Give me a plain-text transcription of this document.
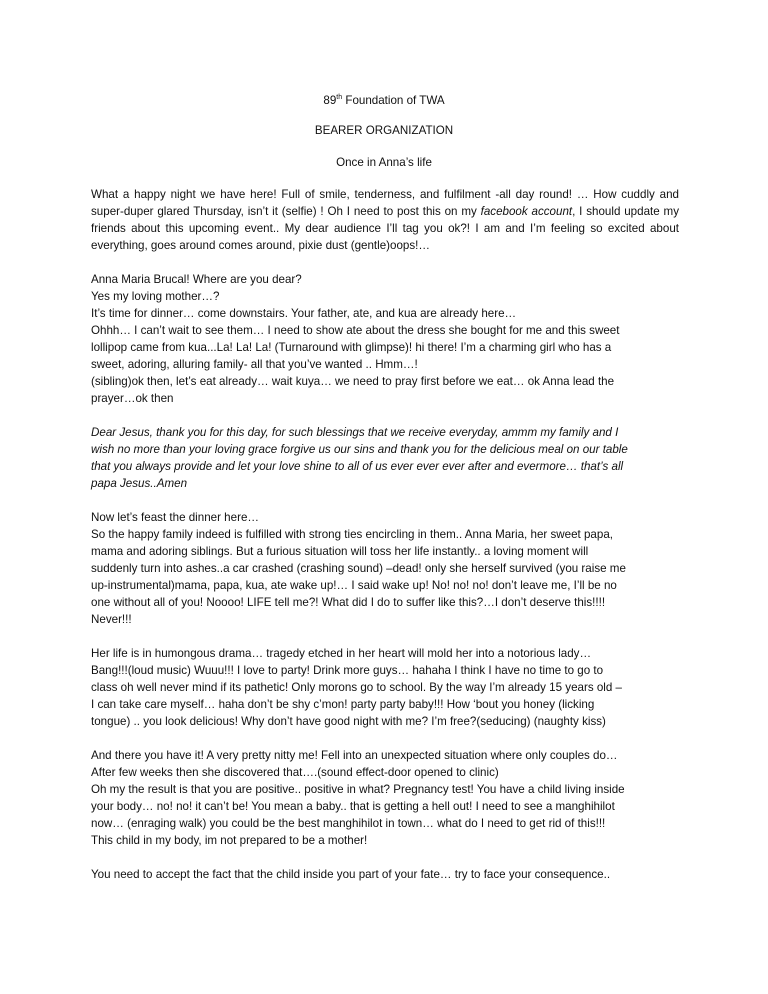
89th Foundation of TWA
BEARER ORGANIZATION
Once in Anna’s life

What a happy night we have here! Full of smile, tenderness, and fulfilment -all day round! … How cuddly and super-duper glared Thursday, isn’t it (selfie) ! Oh I need to post this on my facebook account, I should update my friends about this upcoming event.. My dear audience I’ll tag you ok?! I am and I’m feeling so excited about everything, goes around comes around, pixie dust (gentle)oops!…

Anna Maria Brucal! Where are you dear?
Yes my loving mother…?
It’s time for dinner… come downstairs. Your father, ate, and kua are already here…
Ohhh… I can’t wait to see them… I need to show ate about the dress she bought for me and this sweet
lollipop came from kua...La! La! La! (Turnaround with glimpse)! hi there! I’m a charming girl who has a
sweet, adoring, alluring family- all that you’ve wanted .. Hmm…!
(sibling)ok then, let’s eat already… wait kuya… we need to pray first before we eat… ok Anna lead the
prayer…ok then
Dear Jesus, thank you for this day, for such blessings that we receive everyday, ammm my family and I
wish no more than your loving grace forgive us our sins and thank you for the delicious meal on our table
that you always provide and let your love shine to all of us ever ever ever after and evermore… that’s all
papa Jesus..Amen
Now let’s feast the dinner here…
So the happy family indeed is fulfilled with strong ties encircling in them.. Anna Maria, her sweet papa,
mama and adoring siblings. But a furious situation will toss her life instantly.. a loving moment will
suddenly turn into ashes..a car crashed (crashing sound) –dead! only she herself survived (you raise me
up-instrumental)mama, papa, kua, ate wake up!… I said wake up! No! no! no! don’t leave me, I’ll be no
one without all of you! Noooo! LIFE tell me?! What did I do to suffer like this?…I don’t deserve this!!!!
Never!!!
Her life is in humongous drama… tragedy etched in her heart will mold her into a notorious lady…
Bang!!!(loud music) Wuuu!!! I love to party! Drink more guys… hahaha I think I have no time to go to
class oh well never mind if its pathetic! Only morons go to school. By the way I’m already 15 years old –
I can take care myself… haha don’t be shy c’mon! party party baby!!! How ‘bout you honey (licking
tongue) .. you look delicious! Why don’t have good night with me? I’m free?(seducing) (naughty kiss)
And there you have it! A very pretty nitty me! Fell into an unexpected situation where only couples do…
After few weeks then she discovered that….(sound effect-door opened to clinic)
Oh my the result is that you are positive.. positive in what? Pregnancy test! You have a child living inside
your body… no! no! it can’t be! You mean a baby.. that is getting a hell out! I need to see a manghihilot
now… (enraging walk) you could be the best manghihilot in town… what do I need to get rid of this!!!
This child in my body, im not prepared to be a mother!
You need to accept the fact that the child inside you part of your fate… try to face your consequence..
